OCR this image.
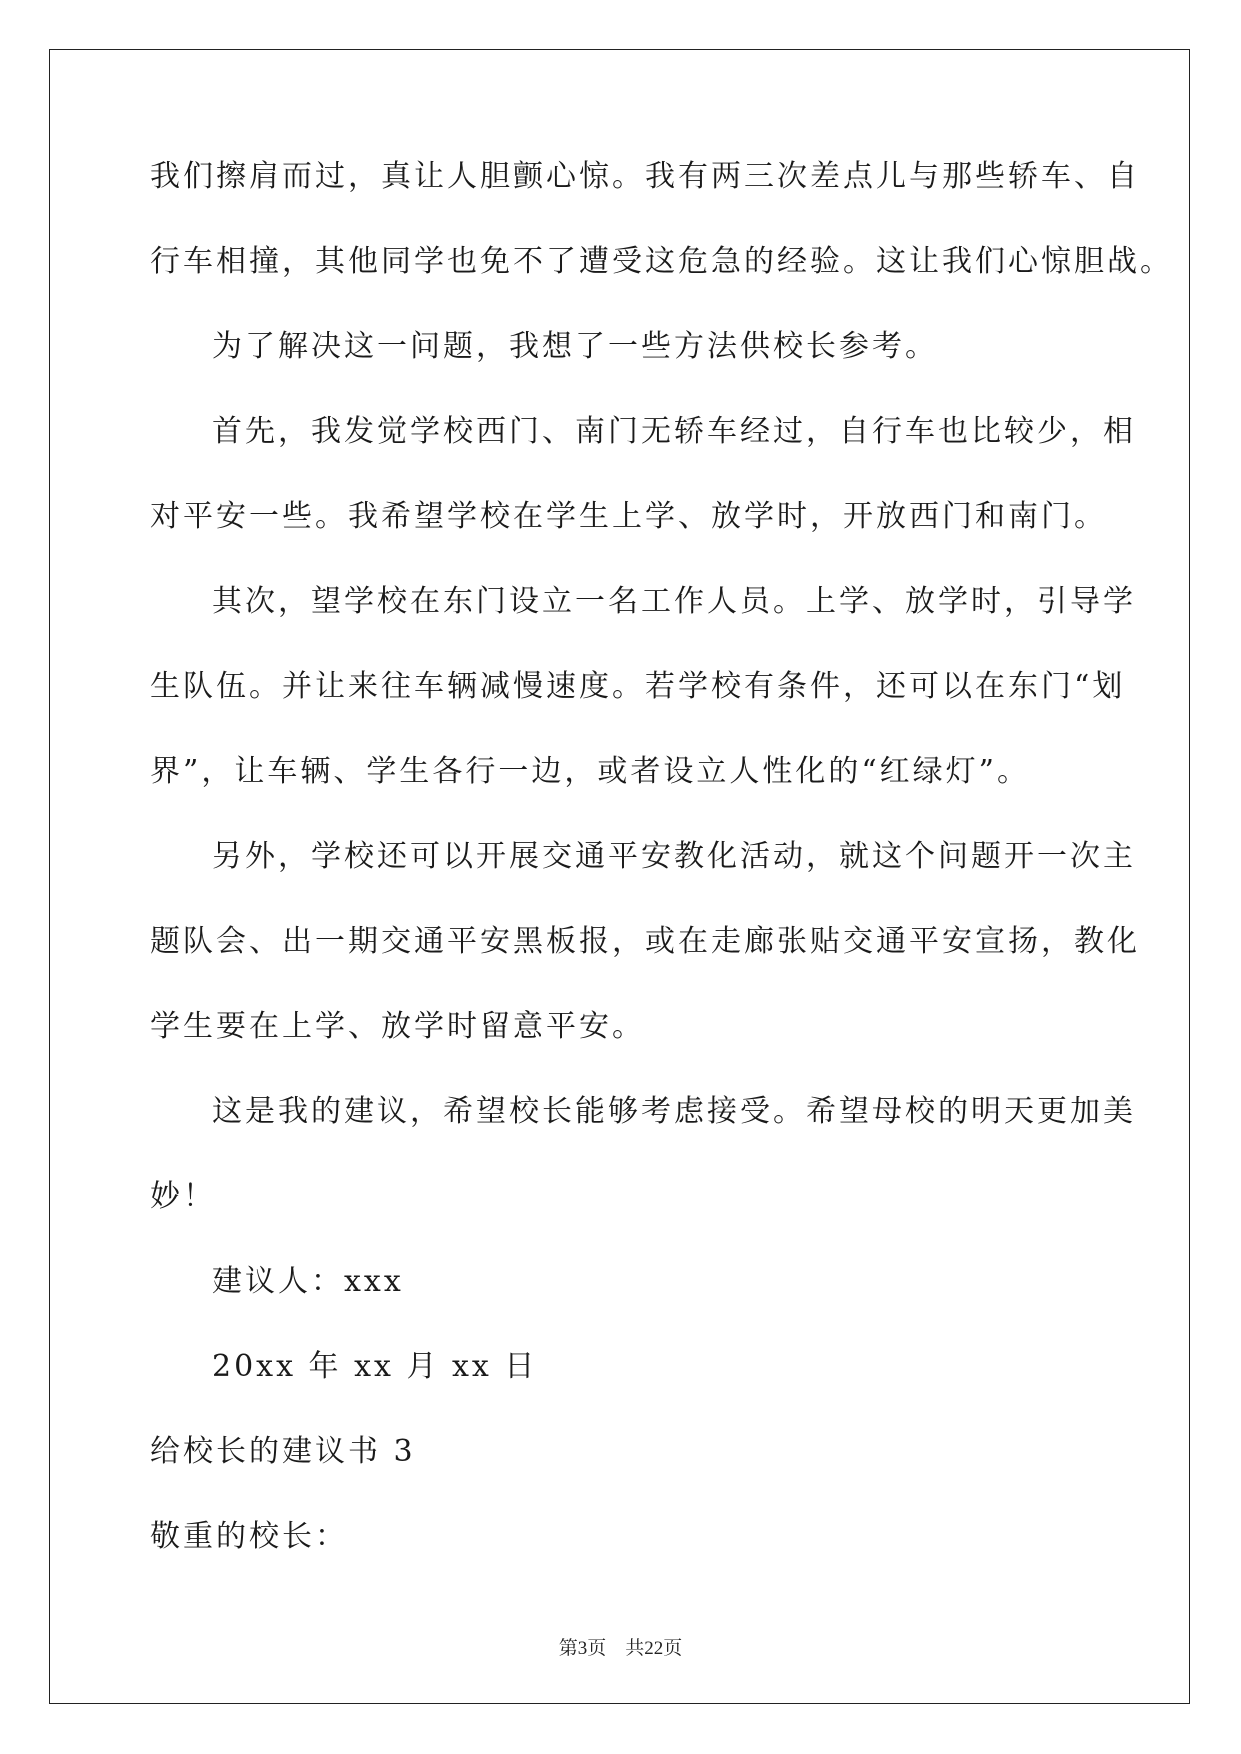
我们擦肩而过，真让人胆颤心惊。我有两三次差点儿与那些轿车、自
行车相撞，其他同学也免不了遭受这危急的经验。这让我们心惊胆战。
为了解决这一问题，我想了一些方法供校长参考。
首先，我发觉学校西门、南门无轿车经过，自行车也比较少，相
对平安一些。我希望学校在学生上学、放学时，开放西门和南门。
其次，望学校在东门设立一名工作人员。上学、放学时，引导学
生队伍。并让来往车辆减慢速度。若学校有条件，还可以在东门“划
界”，让车辆、学生各行一边，或者设立人性化的“红绿灯”。
另外，学校还可以开展交通平安教化活动，就这个问题开一次主
题队会、出一期交通平安黑板报，或在走廊张贴交通平安宣扬，教化
学生要在上学、放学时留意平安。
这是我的建议，希望校长能够考虑接受。希望母校的明天更加美
妙！
建议人：xxx
20xx 年 xx 月 xx 日
给校长的建议书 3
敬重的校长：
第3页　共22页
